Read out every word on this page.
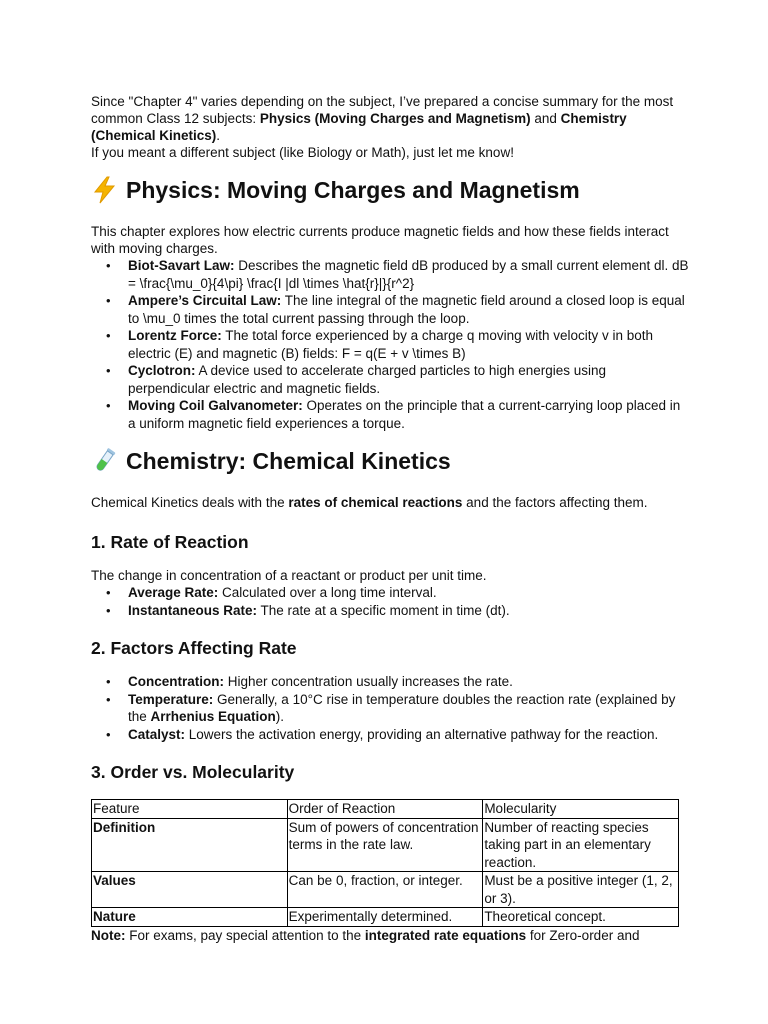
Since "Chapter 4" varies depending on the subject, I’ve prepared a concise summary for the most common Class 12 subjects: Physics (Moving Charges and Magnetism) and Chemistry (Chemical Kinetics).

If you meant a different subject (like Biology or Math), just let me know!

Physics: Moving Charges and Magnetism

This chapter explores how electric currents produce magnetic fields and how these fields interact with moving charges.

• Biot-Savart Law: Describes the magnetic field dB produced by a small current element dl. dB = \frac{\mu_0}{4\pi} \frac{I |dl \times \hat{r}|}{r^2}
• Ampere’s Circuital Law: The line integral of the magnetic field around a closed loop is equal to \mu_0 times the total current passing through the loop.
• Lorentz Force: The total force experienced by a charge q moving with velocity v in both electric (E) and magnetic (B) fields: F = q(E + v \times B)
• Cyclotron: A device used to accelerate charged particles to high energies using perpendicular electric and magnetic fields.
• Moving Coil Galvanometer: Operates on the principle that a current-carrying loop placed in a uniform magnetic field experiences a torque.
Chemistry: Chemical Kinetics

Chemical Kinetics deals with the rates of chemical reactions and the factors affecting them.

1. Rate of Reaction

The change in concentration of a reactant or product per unit time.

• Average Rate: Calculated over a long time interval.
• Instantaneous Rate: The rate at a specific moment in time (dt).
2. Factors Affecting Rate
• Concentration: Higher concentration usually increases the rate.
• Temperature: Generally, a 10°C rise in temperature doubles the reaction rate (explained by the Arrhenius Equation).
• Catalyst: Lowers the activation energy, providing an alternative pathway for the reaction.
3. Order vs. Molecularity
Feature	Order of Reaction	Molecularity
Definition	Sum of powers of concentration terms in the rate law.	Number of reacting species taking part in an elementary reaction.
Values	Can be 0, fraction, or integer.	Must be a positive integer (1, 2, or 3).
Nature	Experimentally determined.	Theoretical concept.

Note: For exams, pay special attention to the integrated rate equations for Zero-order and
